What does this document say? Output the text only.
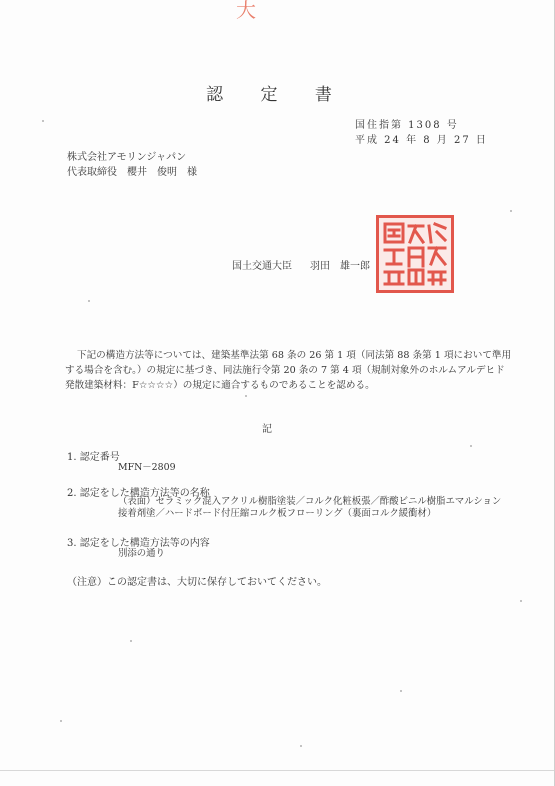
大
認 定 書
国住指第 1308 号
平成 24 年 8 月 27 日
株式会社アモリンジャパン
代表取締役　櫻井　俊明　様
国土交通大臣 羽田　雄一郎
下記の構造方法等については、建築基準法第 68 条の 26 第 1 項（同法第 88 条第 1 項において準用する場合を含む。）の規定に基づき、同法施行令第 20 条の 7 第 4 項（規制対象外のホルムアルデヒド発散建築材料：F☆☆☆☆）の規定に適合するものであることを認める。
記
1. 認定番号
MFN－2809
2. 認定をした構造方法等の名称
（表面）セラミック混入アクリル樹脂塗装／コルク化粧板張／酢酸ビニル樹脂エマルション接着剤塗／ハードボード付圧縮コルク板フローリング（裏面コルク緩衝材）
3. 認定をした構造方法等の内容
別添の通り
（注意）この認定書は、大切に保存しておいてください。
